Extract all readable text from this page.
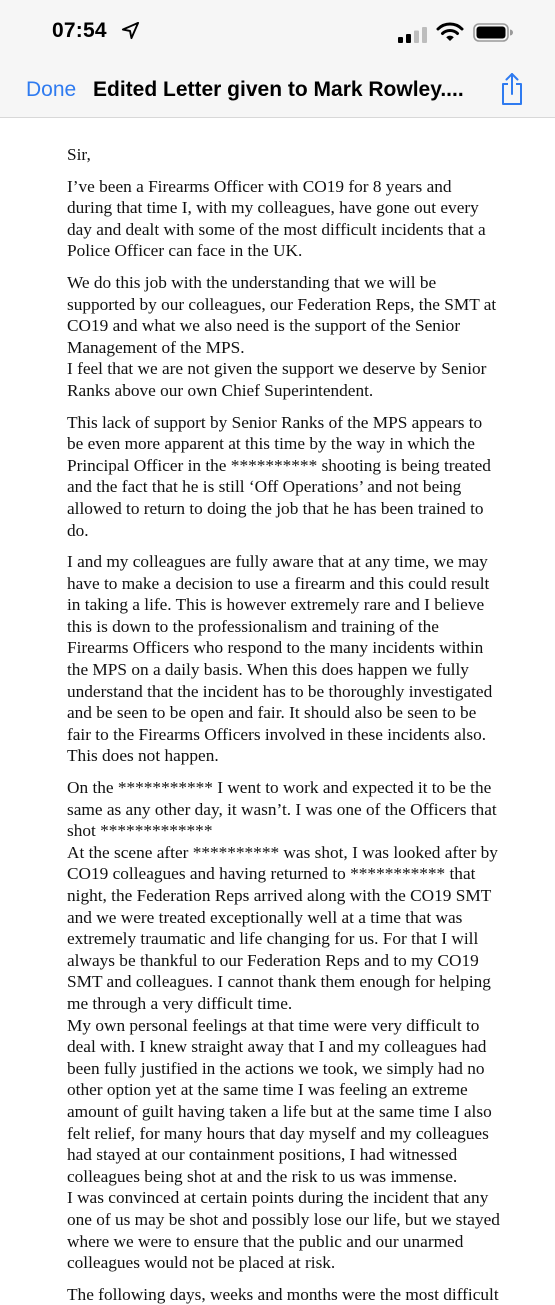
07:54
Done Edited Letter given to Mark Rowley....

Sir,

I’ve been a Firearms Officer with CO19 for 8 years and
during that time I, with my colleagues, have gone out every
day and dealt with some of the most difficult incidents that a
Police Officer can face in the UK.

We do this job with the understanding that we will be
supported by our colleagues, our Federation Reps, the SMT at
CO19 and what we also need is the support of the Senior
Management of the MPS.
I feel that we are not given the support we deserve by Senior
Ranks above our own Chief Superintendent.

This lack of support by Senior Ranks of the MPS appears to
be even more apparent at this time by the way in which the
Principal Officer in the ********** shooting is being treated
and the fact that he is still ‘Off Operations’ and not being
allowed to return to doing the job that he has been trained to
do.

I and my colleagues are fully aware that at any time, we may
have to make a decision to use a firearm and this could result
in taking a life. This is however extremely rare and I believe
this is down to the professionalism and training of the
Firearms Officers who respond to the many incidents within
the MPS on a daily basis. When this does happen we fully
understand that the incident has to be thoroughly investigated
and be seen to be open and fair. It should also be seen to be
fair to the Firearms Officers involved in these incidents also.
This does not happen.

On the *********** I went to work and expected it to be the
same as any other day, it wasn’t. I was one of the Officers that
shot *************
At the scene after ********** was shot, I was looked after by
CO19 colleagues and having returned to *********** that
night, the Federation Reps arrived along with the CO19 SMT
and we were treated exceptionally well at a time that was
extremely traumatic and life changing for us. For that I will
always be thankful to our Federation Reps and to my CO19
SMT and colleagues. I cannot thank them enough for helping
me through a very difficult time.
My own personal feelings at that time were very difficult to
deal with. I knew straight away that I and my colleagues had
been fully justified in the actions we took, we simply had no
other option yet at the same time I was feeling an extreme
amount of guilt having taken a life but at the same time I also
felt relief, for many hours that day myself and my colleagues
had stayed at our containment positions, I had witnessed
colleagues being shot at and the risk to us was immense.
I was convinced at certain points during the incident that any
one of us may be shot and possibly lose our life, but we stayed
where we were to ensure that the public and our unarmed
colleagues would not be placed at risk.

The following days, weeks and months were the most difficult
